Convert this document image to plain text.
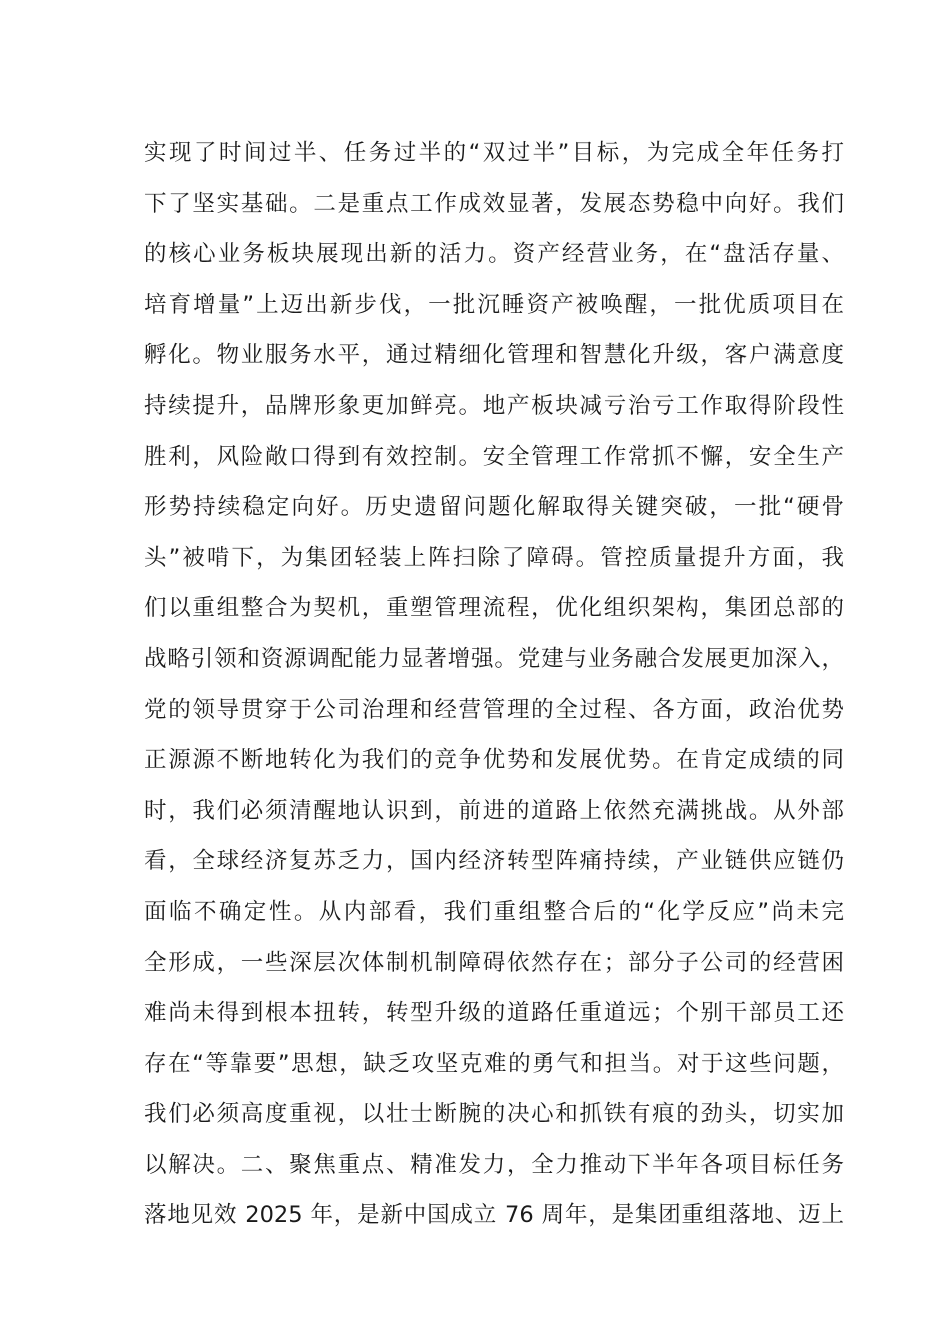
实现了时间过半、任务过半的“双过半”目标，为完成全年任务打
下了坚实基础。二是重点工作成效显著，发展态势稳中向好。我们
的核心业务板块展现出新的活力。资产经营业务，在“盘活存量、
培育增量”上迈出新步伐，一批沉睡资产被唤醒，一批优质项目在
孵化。物业服务水平，通过精细化管理和智慧化升级，客户满意度
持续提升，品牌形象更加鲜亮。地产板块减亏治亏工作取得阶段性
胜利，风险敞口得到有效控制。安全管理工作常抓不懈，安全生产
形势持续稳定向好。历史遗留问题化解取得关键突破，一批“硬骨
头”被啃下，为集团轻装上阵扫除了障碍。管控质量提升方面，我
们以重组整合为契机，重塑管理流程，优化组织架构，集团总部的
战略引领和资源调配能力显著增强。党建与业务融合发展更加深入，
党的领导贯穿于公司治理和经营管理的全过程、各方面，政治优势
正源源不断地转化为我们的竞争优势和发展优势。在肯定成绩的同
时，我们必须清醒地认识到，前进的道路上依然充满挑战。从外部
看，全球经济复苏乏力，国内经济转型阵痛持续，产业链供应链仍
面临不确定性。从内部看，我们重组整合后的“化学反应”尚未完
全形成，一些深层次体制机制障碍依然存在；部分子公司的经营困
难尚未得到根本扭转，转型升级的道路任重道远；个别干部员工还
存在“等靠要”思想，缺乏攻坚克难的勇气和担当。对于这些问题，
我们必须高度重视，以壮士断腕的决心和抓铁有痕的劲头，切实加
以解决。二、聚焦重点、精准发力，全力推动下半年各项目标任务
落地见效 2025 年，是新中国成立 76 周年，是集团重组落地、迈上
